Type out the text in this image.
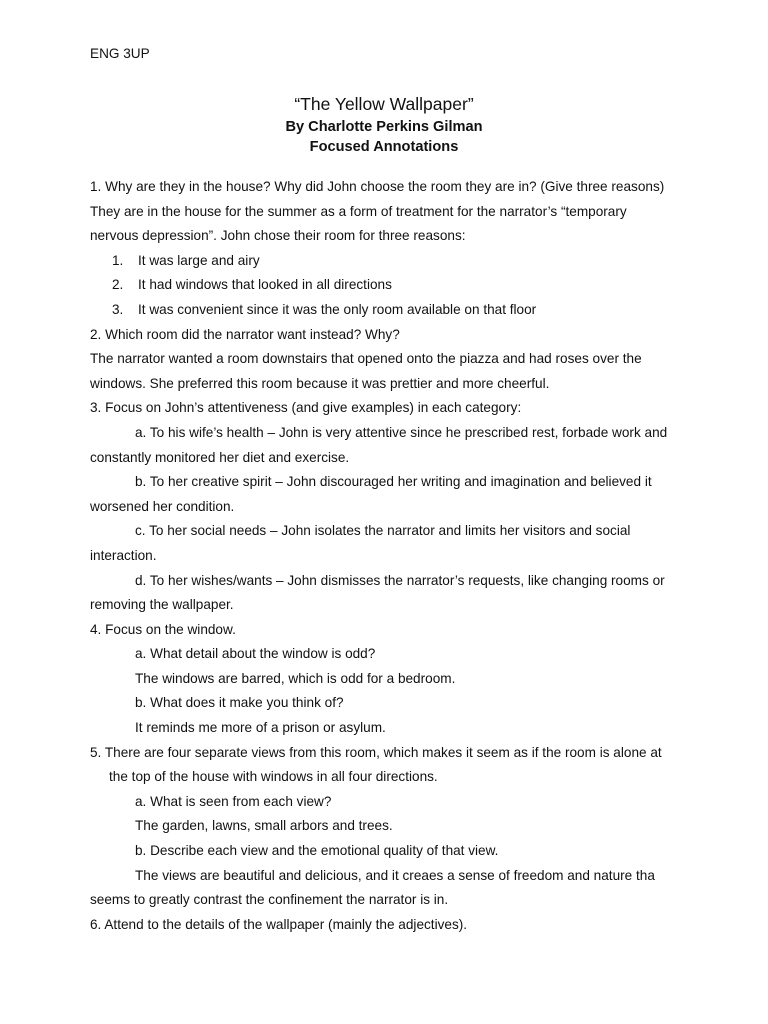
ENG 3UP
“The Yellow Wallpaper”
By Charlotte Perkins Gilman
Focused Annotations
1. Why are they in the house? Why did John choose the room they are in? (Give three reasons)
They are in the house for the summer as a form of treatment for the narrator’s “temporary
nervous depression”. John chose their room for three reasons:
1. It was large and airy
2. It had windows that looked in all directions
3. It was convenient since it was the only room available on that floor
2. Which room did the narrator want instead? Why?
The narrator wanted a room downstairs that opened onto the piazza and had roses over the
windows. She preferred this room because it was prettier and more cheerful.
3. Focus on John’s attentiveness (and give examples) in each category:
a. To his wife’s health – John is very attentive since he prescribed rest, forbade work and
constantly monitored her diet and exercise.
b. To her creative spirit – John discouraged her writing and imagination and believed it
worsened her condition.
c. To her social needs – John isolates the narrator and limits her visitors and social
interaction.
d. To her wishes/wants – John dismisses the narrator’s requests, like changing rooms or
removing the wallpaper.
4. Focus on the window.
a. What detail about the window is odd?
The windows are barred, which is odd for a bedroom.
b. What does it make you think of?
It reminds me more of a prison or asylum.
5. There are four separate views from this room, which makes it seem as if the room is alone at
the top of the house with windows in all four directions.
a. What is seen from each view?
The garden, lawns, small arbors and trees.
b. Describe each view and the emotional quality of that view.
The views are beautiful and delicious, and it creaes a sense of freedom and nature tha
seems to greatly contrast the confinement the narrator is in.
6. Attend to the details of the wallpaper (mainly the adjectives).
